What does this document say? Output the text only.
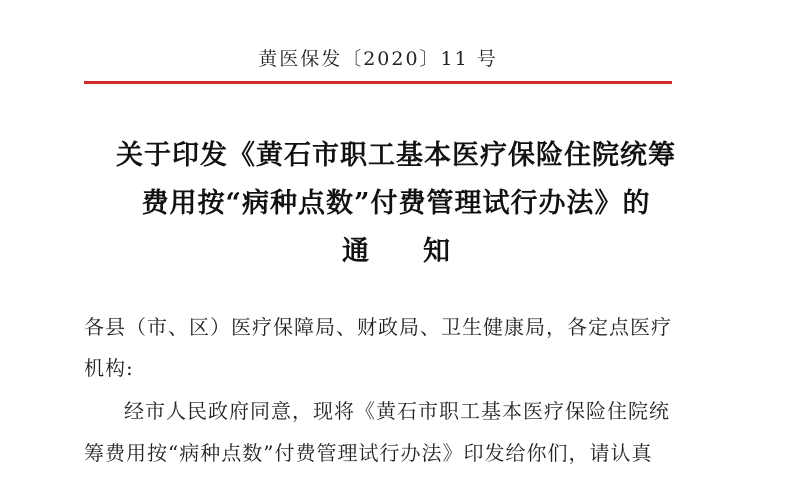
黄医保发〔2020〕11 号
关于印发《黄石市职工基本医疗保险住院统筹
费用按“病种点数”付费管理试行办法》的
通 知
各县（市、区）医疗保障局、财政局、卫生健康局，各定点医疗
机构:
经市人民政府同意，现将《黄石市职工基本医疗保险住院统
筹费用按“病种点数”付费管理试行办法》印发给你们，请认真
